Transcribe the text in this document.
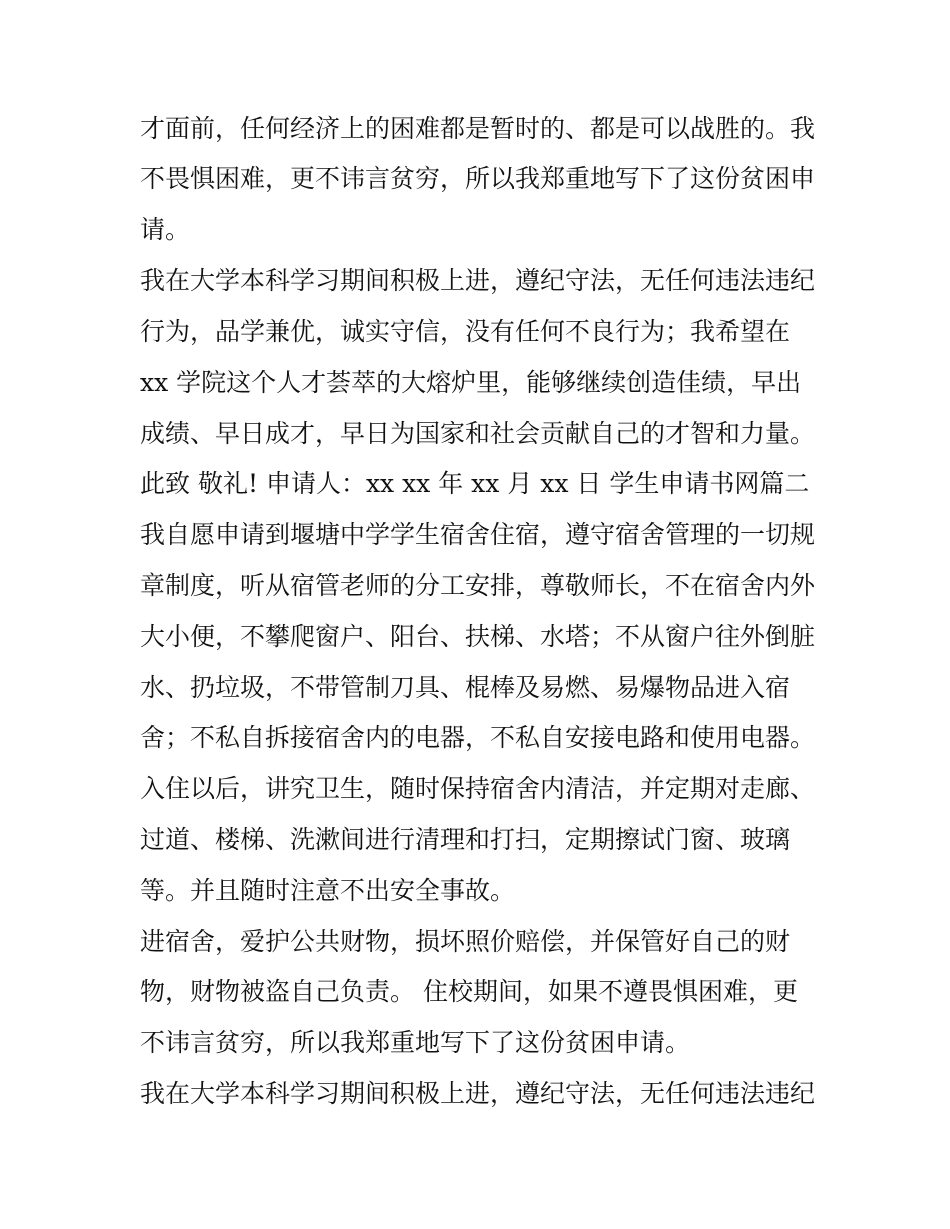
才面前，任何经济上的困难都是暂时的、都是可以战胜的。我
不畏惧困难，更不讳言贫穷，所以我郑重地写下了这份贫困申
请。
我在大学本科学习期间积极上进，遵纪守法，无任何违法违纪
行为，品学兼优，诚实守信，没有任何不良行为；我希望在
xx 学院这个人才荟萃的大熔炉里，能够继续创造佳绩，早出
成绩、早日成才，早日为国家和社会贡献自己的才智和力量。
此致 敬礼! 申请人：xx xx 年 xx 月 xx 日 学生申请书网篇二
我自愿申请到堰塘中学学生宿舍住宿，遵守宿舍管理的一切规
章制度，听从宿管老师的分工安排，尊敬师长，不在宿舍内外
大小便，不攀爬窗户、阳台、扶梯、水塔；不从窗户往外倒脏
水、扔垃圾，不带管制刀具、棍棒及易燃、易爆物品进入宿
舍；不私自拆接宿舍内的电器，不私自安接电路和使用电器。
入住以后，讲究卫生，随时保持宿舍内清洁，并定期对走廊、
过道、楼梯、洗漱间进行清理和打扫，定期擦试门窗、玻璃
等。并且随时注意不出安全事故。
进宿舍，爱护公共财物，损坏照价赔偿，并保管好自己的财
物，财物被盗自己负责。 住校期间，如果不遵畏惧困难，更
不讳言贫穷，所以我郑重地写下了这份贫困申请。
我在大学本科学习期间积极上进，遵纪守法，无任何违法违纪
